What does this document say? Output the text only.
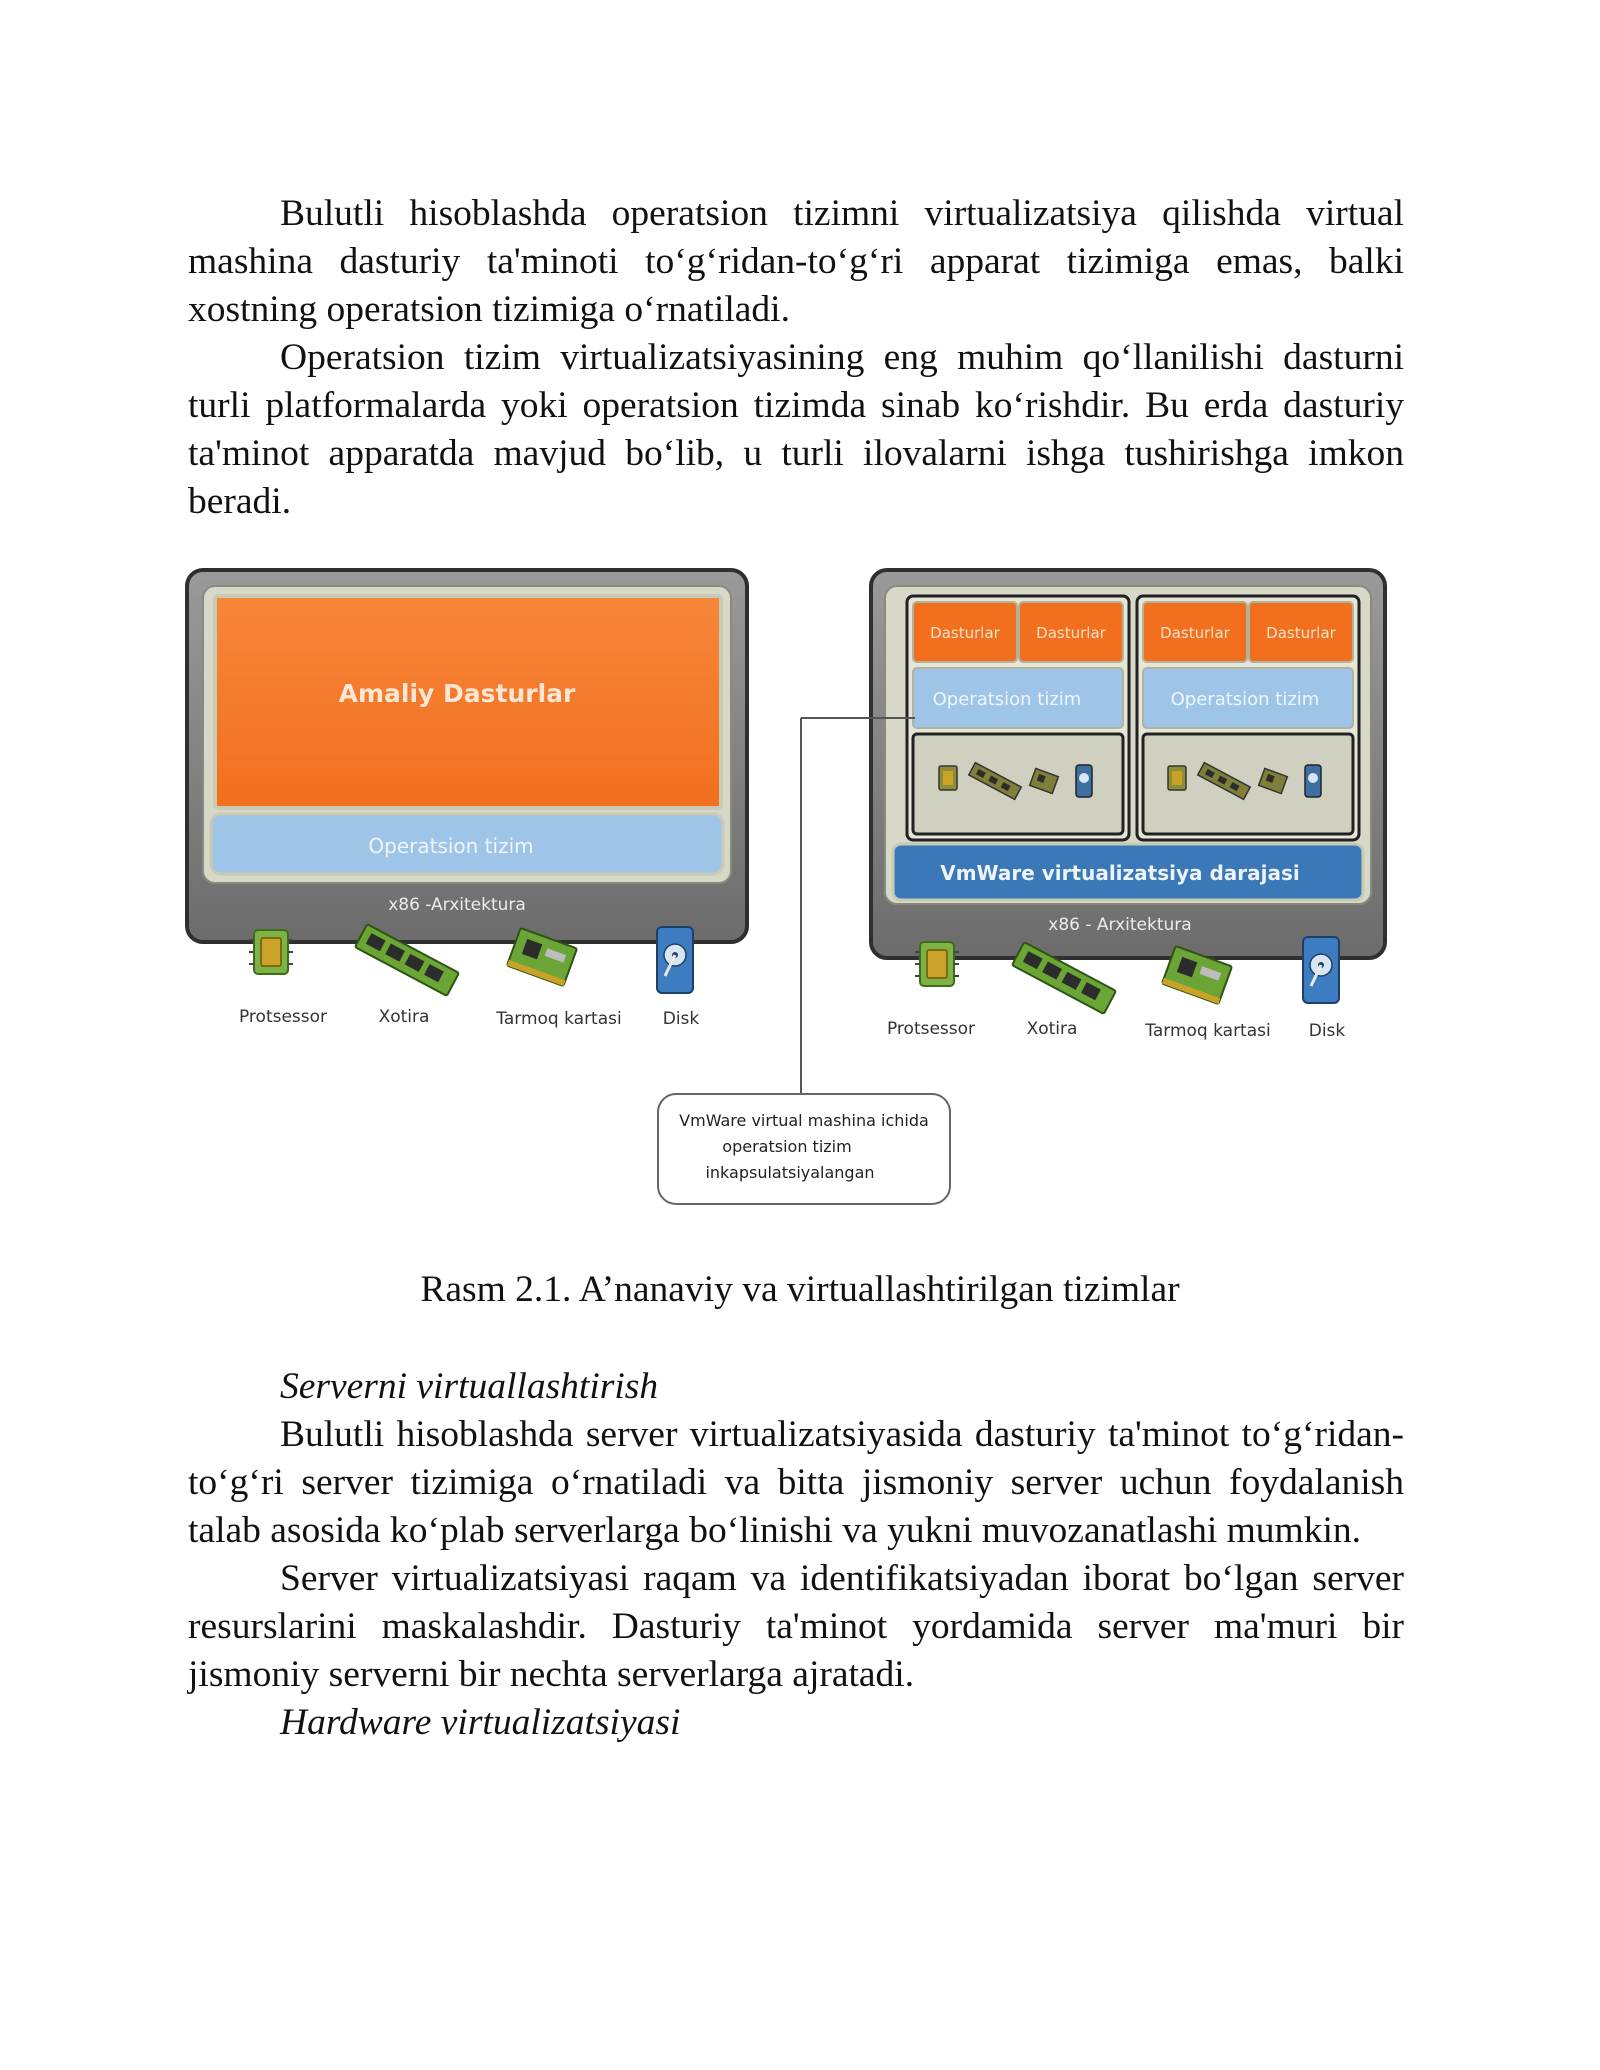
Bulutli hisoblashda operatsion tizimni virtualizatsiya qilishda virtual mashina dasturiy ta'minoti to‘g‘ridan-to‘g‘ri apparat tizimiga emas, balki xostning operatsion tizimiga o‘rnatiladi.

Operatsion tizim virtualizatsiyasining eng muhim qo‘llanilishi dasturni turli platformalarda yoki operatsion tizimda sinab ko‘rishdir. Bu erda dasturiy ta'minot apparatda mavjud bo‘lib, u turli ilovalarni ishga tushirishga imkon beradi.

Amaliy Dasturlar
Operatsion tizim
x86 -Arxitektura
Protsessor	Xotira	Tarmoq kartasi Disk
Dasturlar Dasturlar
Operatsion tizim
Dasturlar Dasturlar
Operatsion tizim
VmWare virtualizatsiya darajasi
x86 - Arxitektura
Protsessor	Xotira	Tarmoq kartasi Disk
VmWare virtual mashina ichida
operatsion tizim
inkapsulatsiyalangan
Rasm 2.1. A’nanaviy va virtuallashtirilgan tizimlar

Serverni virtuallashtirish

Bulutli hisoblashda server virtualizatsiyasida dasturiy ta'minot to‘g‘ridan-to‘g‘ri server tizimiga o‘rnatiladi va bitta jismoniy server uchun foydalanish talab asosida ko‘plab serverlarga bo‘linishi va yukni muvozanatlashi mumkin.

Server virtualizatsiyasi raqam va identifikatsiyadan iborat bo‘lgan server resurslarini maskalashdir. Dasturiy ta'minot yordamida server ma'muri bir jismoniy serverni bir nechta serverlarga ajratadi.

Hardware virtualizatsiyasi
